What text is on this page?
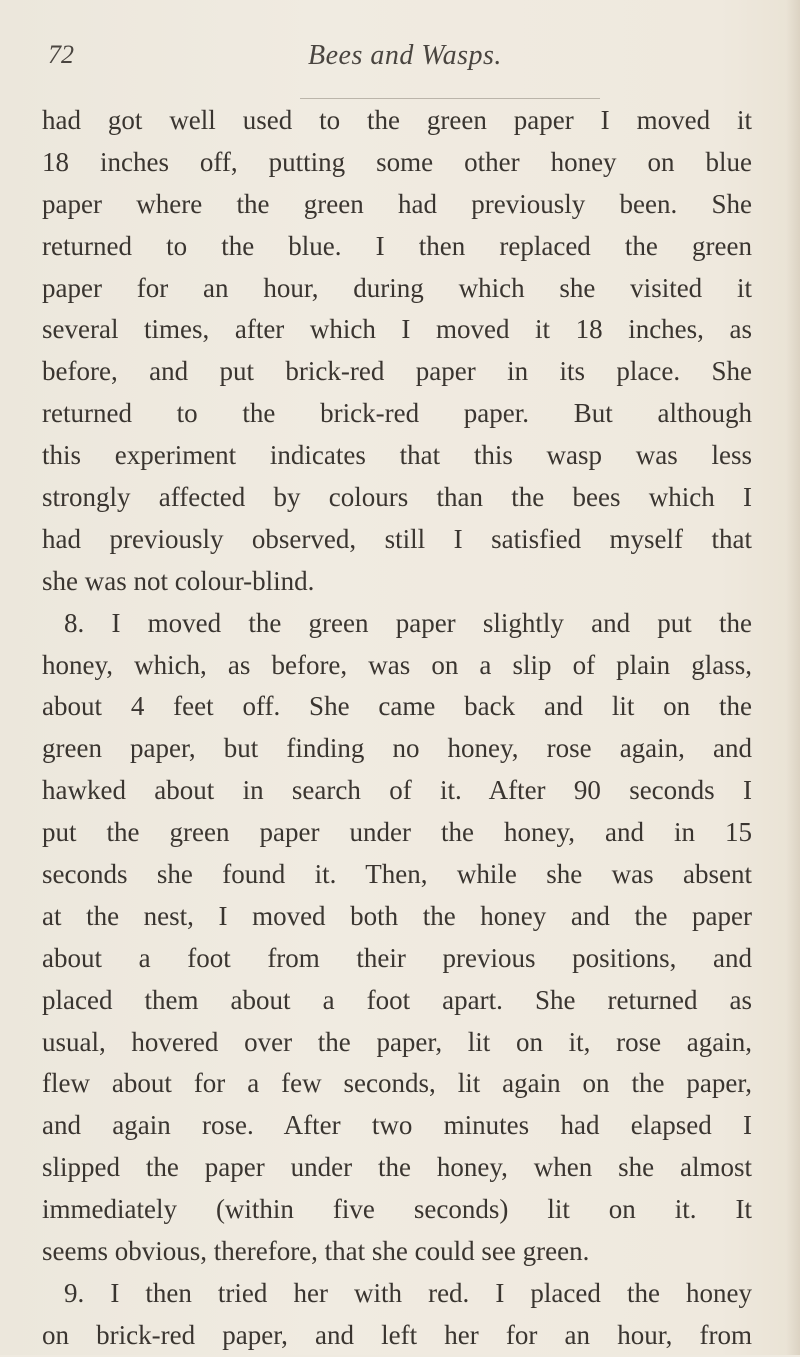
72	Bees and Wasps.
had got well used to the green paper I moved it
18 inches off, putting some other honey on blue
paper where the green had previously been. She
returned to the blue. I then replaced the green
paper for an hour, during which she visited it
several times, after which I moved it 18 inches, as
before, and put brick-red paper in its place. She
returned to the brick-red paper. But although
this experiment indicates that this wasp was less
strongly affected by colours than the bees which I
had previously observed, still I satisfied myself that
she was not colour-blind.
8. I moved the green paper slightly and put the
honey, which, as before, was on a slip of plain glass,
about 4 feet off. She came back and lit on the
green paper, but finding no honey, rose again, and
hawked about in search of it. After 90 seconds I
put the green paper under the honey, and in 15
seconds she found it. Then, while she was absent
at the nest, I moved both the honey and the paper
about a foot from their previous positions, and
placed them about a foot apart. She returned as
usual, hovered over the paper, lit on it, rose again,
flew about for a few seconds, lit again on the paper,
and again rose. After two minutes had elapsed I
slipped the paper under the honey, when she almost
immediately (within five seconds) lit on it. It
seems obvious, therefore, that she could see green.
9. I then tried her with red. I placed the honey
on brick-red paper, and left her for an hour, from
